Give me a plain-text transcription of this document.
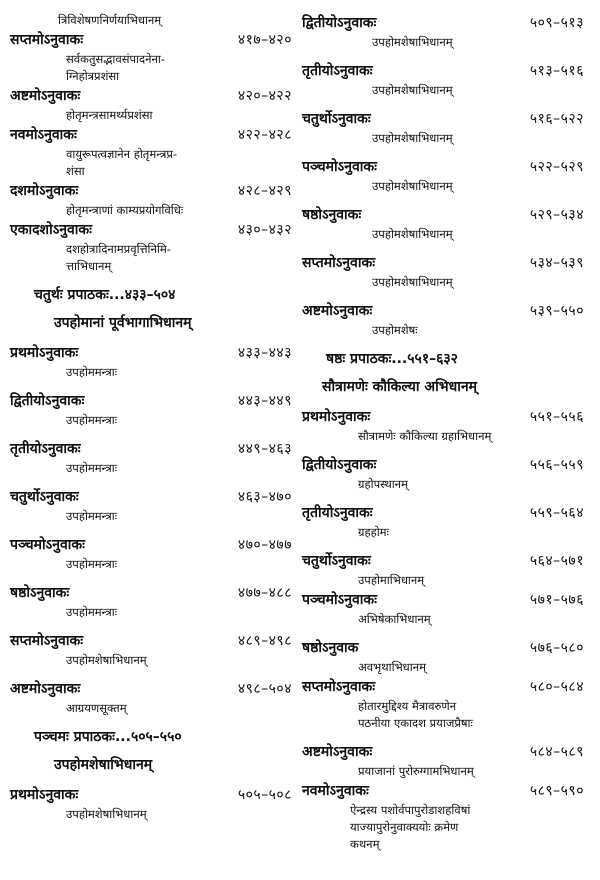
त्रिविशेषणनिर्णयाभिधानम्
सप्तमोऽनुवाकः	४१७–४२०
सर्वकतुसद्भावसंपादनेना-
ग्निहोत्रप्रशंसा
अष्टमोऽनुवाकः	४२०–४२२
होतृमन्त्रसामर्थ्यप्रशंसा
नवमोऽनुवाकः	४२२–४२८
वायुरूपत्वज्ञानेन होतृमन्त्रप्र-
शंसा
दशमोऽनुवाकः	४२८–४२९
होतृमन्त्राणां काम्यप्रयोगविधिः
एकादशोऽनुवाकः	४३०–४३२
दशहोत्रादिनामप्रवृत्तिनिमि-
त्ताभिधानम्
चतुर्थः प्रपाठकः...४३३–५०४
उपहोमानां पूर्वभागाभिधानम्
प्रथमोऽनुवाकः	४३३–४४३
उपहोममन्त्राः
द्वितीयोऽनुवाकः	४४३–४४९
उपहोममन्त्राः
तृतीयोऽनुवाकः	४४९–४६३
उपहोममन्त्राः
चतुर्थोऽनुवाकः	४६३–४७०
उपहोममन्त्राः
पञ्चमोऽनुवाकः	४७०–४७७
उपहोममन्त्राः
षष्ठोऽनुवाकः	४७७–४८८
उपहोममन्त्राः
सप्तमोऽनुवाकः	४८९–४९८
उपहोमशेषाभिधानम्
अष्टमोऽनुवाकः	४९८–५०४
आग्रयणसूक्तम्
पञ्चमः प्रपाठकः...५०५–५५०
उपहोमशेषाभिधानम्
प्रथमोऽनुवाकः	५०५–५०८
उपहोमशेषाभिधानम्
द्वितीयोऽनुवाकः	५०९–५१३
उपहोमशेषाभिधानम्
तृतीयोऽनुवाकः	५१३–५१६
उपहोमशेषाभिधानम्
चतुर्थोऽनुवाकः	५१६–५२२
उपहोमशेषाभिधानम्
पञ्चमोऽनुवाकः	५२२–५२९
उपहोमशेषाभिधानम्
षष्ठोऽनुवाकः	५२९–५३४
उपहोमशेषाभिधानम्
सप्तमोऽनुवाकः	५३४–५३९
उपहोमशेषाभिधानम्
अष्टमोऽनुवाकः	५३९–५५०
उपहोमशेषः
षष्ठः प्रपाठकः...५५१–६३२
सौत्रामणेः कौकिल्या अभिधानम्
प्रथमोऽनुवाकः	५५१–५५६
सौत्रामणेः कौकिल्या ग्रहाभिधानम्
द्वितीयोऽनुवाकः	५५६–५५९
ग्रहोपस्थानम्
तृतीयोऽनुवाकः	५५९–५६४
ग्रहहोमः
चतुर्थोऽनुवाकः	५६४–५७१
उपहोमाभिधानम्
पञ्चमोऽनुवाकः	५७१–५७६
अभिषेकाभिधानम्
षष्ठोऽनुवाक	५७६–५८०
अवभृथाभिधानम्
सप्तमोऽनुवाकः	५८०–५८४
होतारमुद्दिश्य मैत्रावरुणेन
पठनीया एकादश प्रयाजप्रैषाः
अष्टमोऽनुवाकः	५८४–५८९
प्रयाजानां पुरोरुग्गामभिधानम्
नवमोऽनुवाकः	५८९–५९०
ऐन्द्रस्य पशोर्वपापुरोडाशहविषां
याज्यापुरोनुवाक्ययोः क्रमेण
कथनम्
